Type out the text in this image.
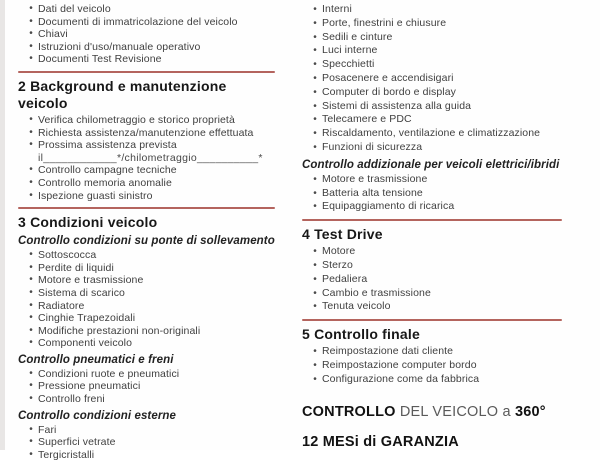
• Dati del veicolo
• Documenti di immatricolazione del veicolo
• Chiavi
• Istruzioni d'uso/manuale operativo
• Documenti Test Revisione
2 Background e manutenzione veicolo
• Verifica chilometraggio e storico proprietà
• Richiesta assistenza/manutenzione effettuata
• Prossima assistenza prevista
il____________*/chilometraggio__________*
• Controllo campagne tecniche
• Controllo memoria anomalie
• Ispezione guasti sinistro
3 Condizioni veicolo
Controllo condizioni su ponte di sollevamento
• Sottoscocca
• Perdite di liquidi
• Motore e trasmissione
• Sistema di scarico
• Radiatore
• Cinghie Trapezoidali
• Modifiche prestazioni non-originali
• Componenti veicolo
Controllo pneumatici e freni
• Condizioni ruote e pneumatici
• Pressione pneumatici
• Controllo freni
Controllo condizioni esterne
• Fari
• Superfici vetrate
• Tergicristalli
• Interni
• Porte, finestrini e chiusure
• Sedili e cinture
• Luci interne
• Specchietti
• Posacenere e accendisigari
• Computer di bordo e display
• Sistemi di assistenza alla guida
• Telecamere e PDC
• Riscaldamento, ventilazione e climatizzazione
• Funzioni di sicurezza
Controllo addizionale per veicoli elettrici/ibridi
• Motore e trasmissione
• Batteria alta tensione
• Equipaggiamento di ricarica
4 Test Drive
• Motore
• Sterzo
• Pedaliera
• Cambio e trasmissione
• Tenuta veicolo
5 Controllo finale
• Reimpostazione dati cliente
• Reimpostazione computer bordo
• Configurazione come da fabbrica
CONTROLLO DEL VEICOLO a 360°
12 MESi di GARANZIA
